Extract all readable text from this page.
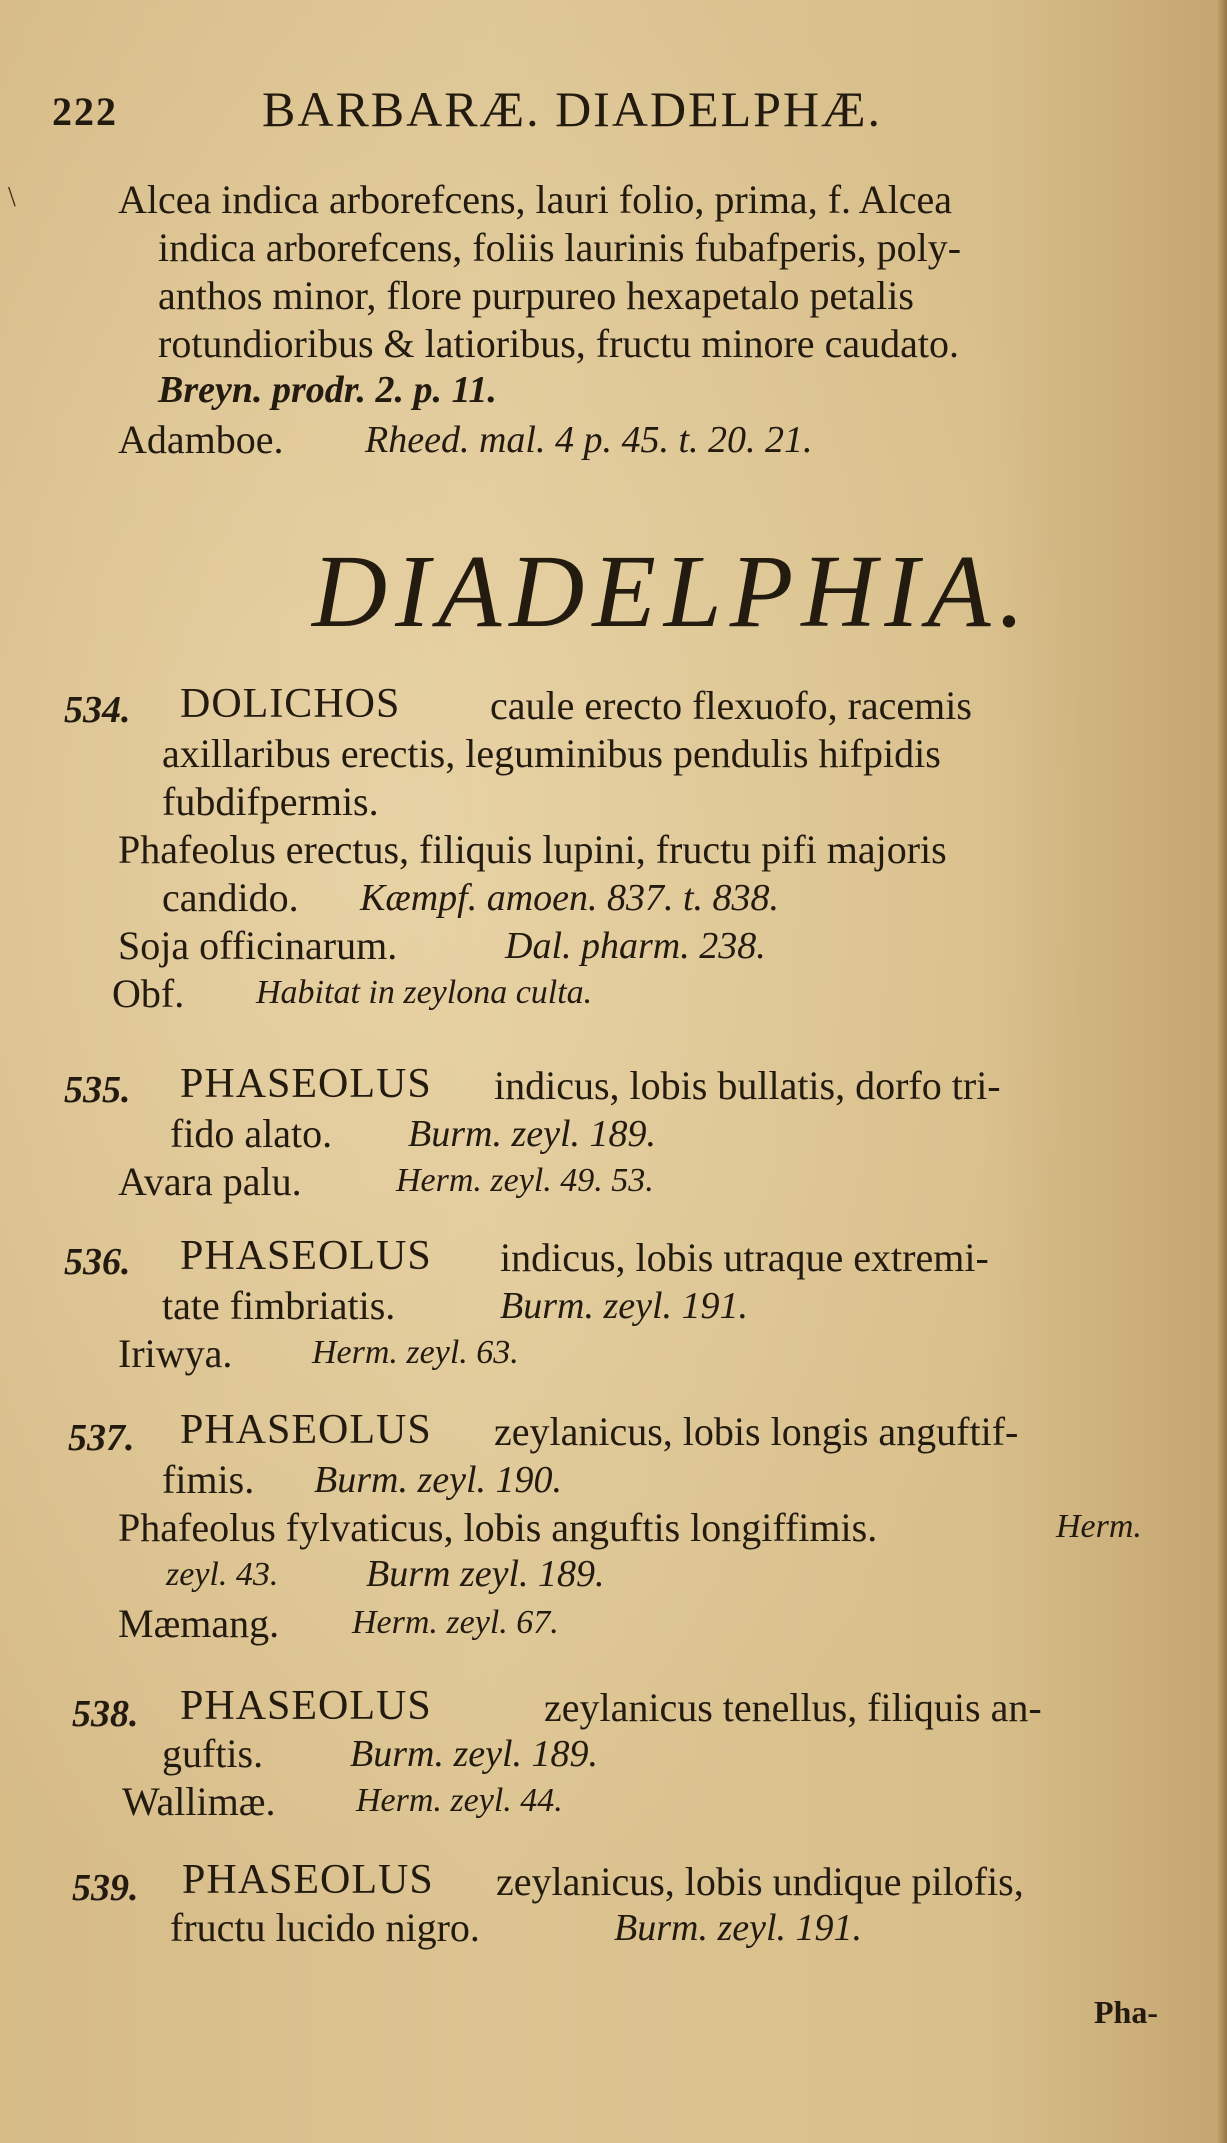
222	BARBARÆ. DIADELPHÆ.
\	Alcea indica arborefcens, lauri folio, prima, f. Alcea
indica arborefcens, foliis laurinis fubafperis, poly-
anthos minor, flore purpureo hexapetalo petalis
rotundioribus & latioribus, fructu minore caudato.
Breyn. prodr. 2. p. 11.
Adamboe. Rheed. mal. 4 p. 45. t. 20. 21.
DIADELPHIA.
534. DOLICHOS caule erecto flexuofo, racemis
axillaribus erectis, leguminibus pendulis hifpidis
fubdifpermis.
Phafeolus erectus, filiquis lupini, fructu pifi majoris
candido. Kæmpf. amoen. 837. t. 838.
Soja officinarum.	Dal. pharm. 238.
Obf. Habitat in zeylona culta.
535. PHASEOLUS indicus, lobis bullatis, dorfo tri-
fido alato. Burm. zeyl. 189.
Avara palu.	Herm. zeyl. 49. 53.
536. PHASEOLUS indicus, lobis utraque extremi-
tate fimbriatis.	Burm. zeyl. 191.
Iriwya. Herm. zeyl. 63.
537. PHASEOLUS zeylanicus, lobis longis anguftif-
fimis. Burm. zeyl. 190.
Phafeolus fylvaticus, lobis anguftis longiffimis.	Herm.
zeyl. 43. Burm zeyl. 189.
Mæmang. Herm. zeyl. 67.
538. PHASEOLUS	zeylanicus tenellus, filiquis an-
guftis. Burm. zeyl. 189.
Wallimæ. Herm. zeyl. 44.
539. PHASEOLUS zeylanicus, lobis undique pilofis,
fructu lucido nigro.	Burm. zeyl. 191.
Pha-
